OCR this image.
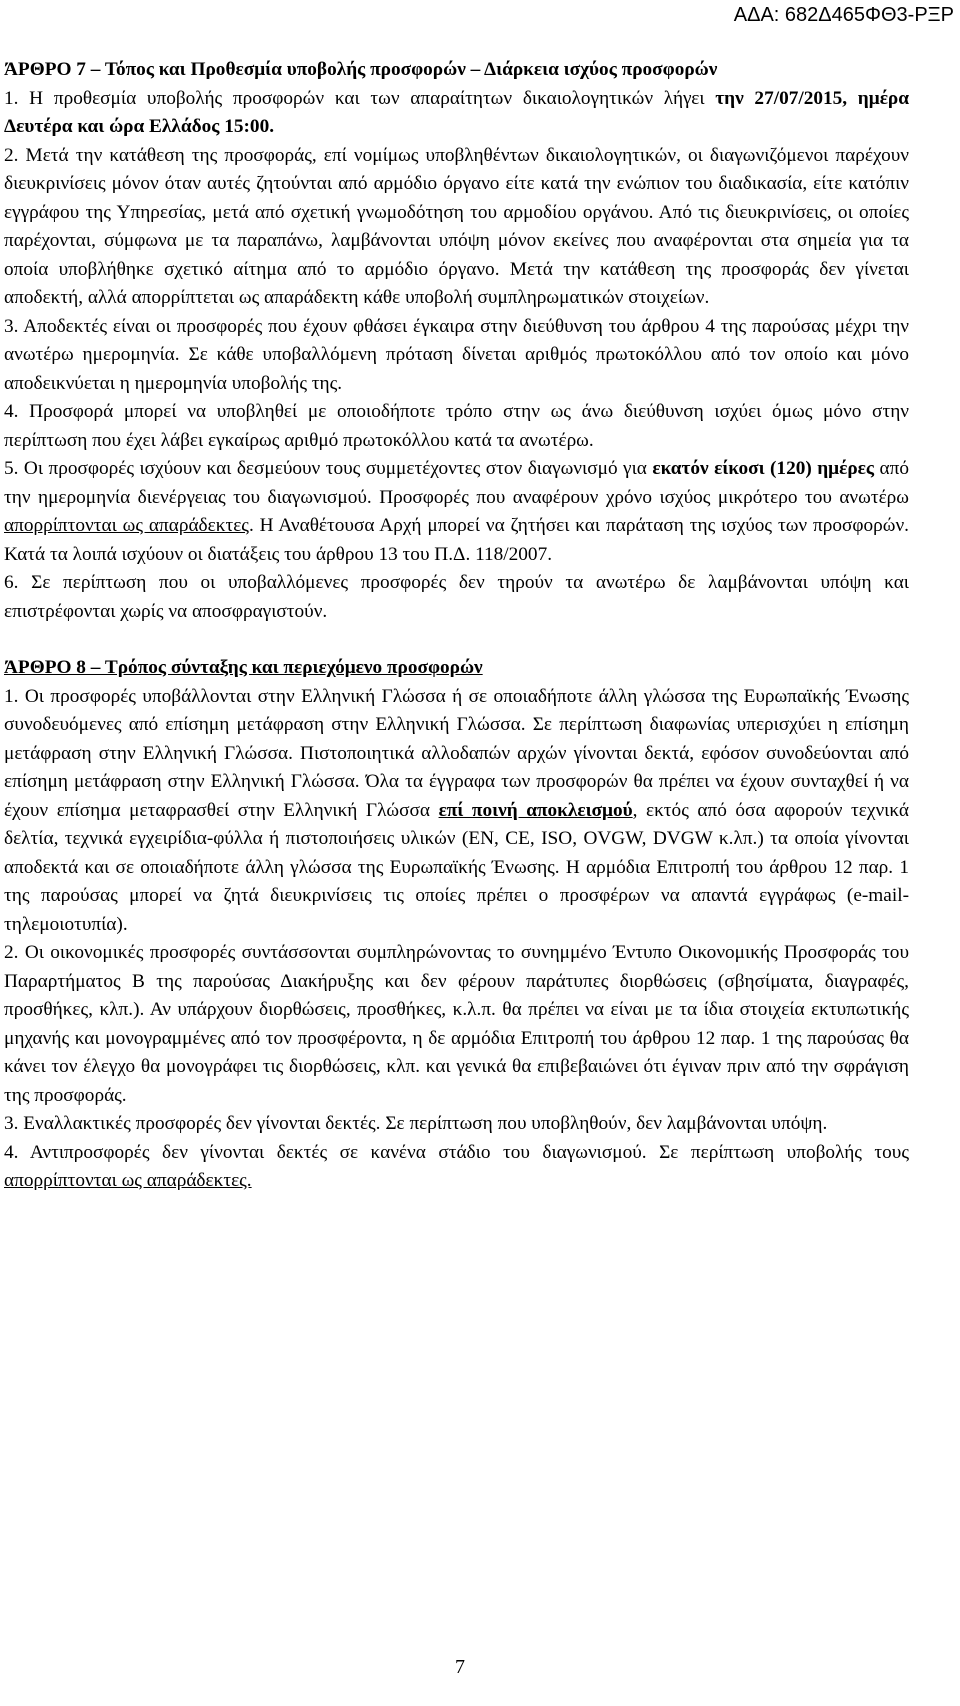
ΑΔΑ: 682Δ465ΦΘ3-ΡΞΡ

ΆΡΘΡΟ 7 – Τόπος και Προθεσμία υποβολής προσφορών – Διάρκεια ισχύος προσφορών

1. Η προθεσμία υποβολής προσφορών και των απαραίτητων δικαιολογητικών λήγει την 27/07/2015, ημέρα Δευτέρα και ώρα Ελλάδος 15:00.

2. Μετά την κατάθεση της προσφοράς, επί νομίμως υποβληθέντων δικαιολογητικών, οι διαγωνιζόμενοι παρέχουν διευκρινίσεις μόνον όταν αυτές ζητούνται από αρμόδιο όργανο είτε κατά την ενώπιον του διαδικασία, είτε κατόπιν εγγράφου της Υπηρεσίας, μετά από σχετική γνωμοδότηση του αρμοδίου οργάνου. Από τις διευκρινίσεις, οι οποίες παρέχονται, σύμφωνα με τα παραπάνω, λαμβάνονται υπόψη μόνον εκείνες που αναφέρονται στα σημεία για τα οποία υποβλήθηκε σχετικό αίτημα από το αρμόδιο όργανο. Μετά την κατάθεση της προσφοράς δεν γίνεται αποδεκτή, αλλά απορρίπτεται ως απαράδεκτη κάθε υποβολή συμπληρωματικών στοιχείων.

3. Αποδεκτές είναι οι προσφορές που έχουν φθάσει έγκαιρα στην διεύθυνση του άρθρου 4 της παρούσας μέχρι την ανωτέρω ημερομηνία. Σε κάθε υποβαλλόμενη πρόταση δίνεται αριθμός πρωτοκόλλου από τον οποίο και μόνο αποδεικνύεται η ημερομηνία υποβολής της.

4. Προσφορά μπορεί να υποβληθεί με οποιοδήποτε τρόπο στην ως άνω διεύθυνση ισχύει όμως μόνο στην περίπτωση που έχει λάβει εγκαίρως αριθμό πρωτοκόλλου κατά τα ανωτέρω.

5. Οι προσφορές ισχύουν και δεσμεύουν τους συμμετέχοντες στον διαγωνισμό για εκατόν είκοσι (120) ημέρες από την ημερομηνία διενέργειας του διαγωνισμού. Προσφορές που αναφέρουν χρόνο ισχύος μικρότερο του ανωτέρω απορρίπτονται ως απαράδεκτες. Η Αναθέτουσα Αρχή μπορεί να ζητήσει και παράταση της ισχύος των προσφορών. Κατά τα λοιπά ισχύουν οι διατάξεις του άρθρου 13 του Π.Δ. 118/2007.

6. Σε περίπτωση που οι υποβαλλόμενες προσφορές δεν τηρούν τα ανωτέρω δε λαμβάνονται υπόψη και επιστρέφονται χωρίς να αποσφραγιστούν.

ΆΡΘΡΟ 8 – Τρόπος σύνταξης και περιεχόμενο προσφορών

1. Οι προσφορές υποβάλλονται στην Ελληνική Γλώσσα ή σε οποιαδήποτε άλλη γλώσσα της Ευρωπαϊκής Ένωσης συνοδευόμενες από επίσημη μετάφραση στην Ελληνική Γλώσσα. Σε περίπτωση διαφωνίας υπερισχύει η επίσημη μετάφραση στην Ελληνική Γλώσσα. Πιστοποιητικά αλλοδαπών αρχών γίνονται δεκτά, εφόσον συνοδεύονται από επίσημη μετάφραση στην Ελληνική Γλώσσα. Όλα τα έγγραφα των προσφορών θα πρέπει να έχουν συνταχθεί ή να έχουν επίσημα μεταφρασθεί στην Ελληνική Γλώσσα επί ποινή αποκλεισμού, εκτός από όσα αφορούν τεχνικά δελτία, τεχνικά εγχειρίδια-φύλλα ή πιστοποιήσεις υλικών (EN, CE, ISO, OVGW, DVGW κ.λπ.) τα οποία γίνονται αποδεκτά και σε οποιαδήποτε άλλη γλώσσα της Ευρωπαϊκής Ένωσης. Η αρμόδια Επιτροπή του άρθρου 12 παρ. 1 της παρούσας μπορεί να ζητά διευκρινίσεις τις οποίες πρέπει ο προσφέρων να απαντά εγγράφως (e-mail-τηλεμοιοτυπία).

2. Οι οικονομικές προσφορές συντάσσονται συμπληρώνοντας το συνημμένο Έντυπο Οικονομικής Προσφοράς του Παραρτήματος Β της παρούσας Διακήρυξης και δεν φέρουν παράτυπες διορθώσεις (σβησίματα, διαγραφές, προσθήκες, κλπ.). Αν υπάρχουν διορθώσεις, προσθήκες, κ.λ.π. θα πρέπει να είναι με τα ίδια στοιχεία εκτυπωτικής μηχανής και μονογραμμένες από τον προσφέροντα, η δε αρμόδια Επιτροπή του άρθρου 12 παρ. 1 της παρούσας θα κάνει τον έλεγχο θα μονογράφει τις διορθώσεις, κλπ. και γενικά θα επιβεβαιώνει ότι έγιναν πριν από την σφράγιση της προσφοράς.

3. Εναλλακτικές προσφορές δεν γίνονται δεκτές. Σε περίπτωση που υποβληθούν, δεν λαμβάνονται υπόψη.

4. Αντιπροσφορές δεν γίνονται δεκτές σε κανένα στάδιο του διαγωνισμού. Σε περίπτωση υποβολής τους απορρίπτονται ως απαράδεκτες.

7
